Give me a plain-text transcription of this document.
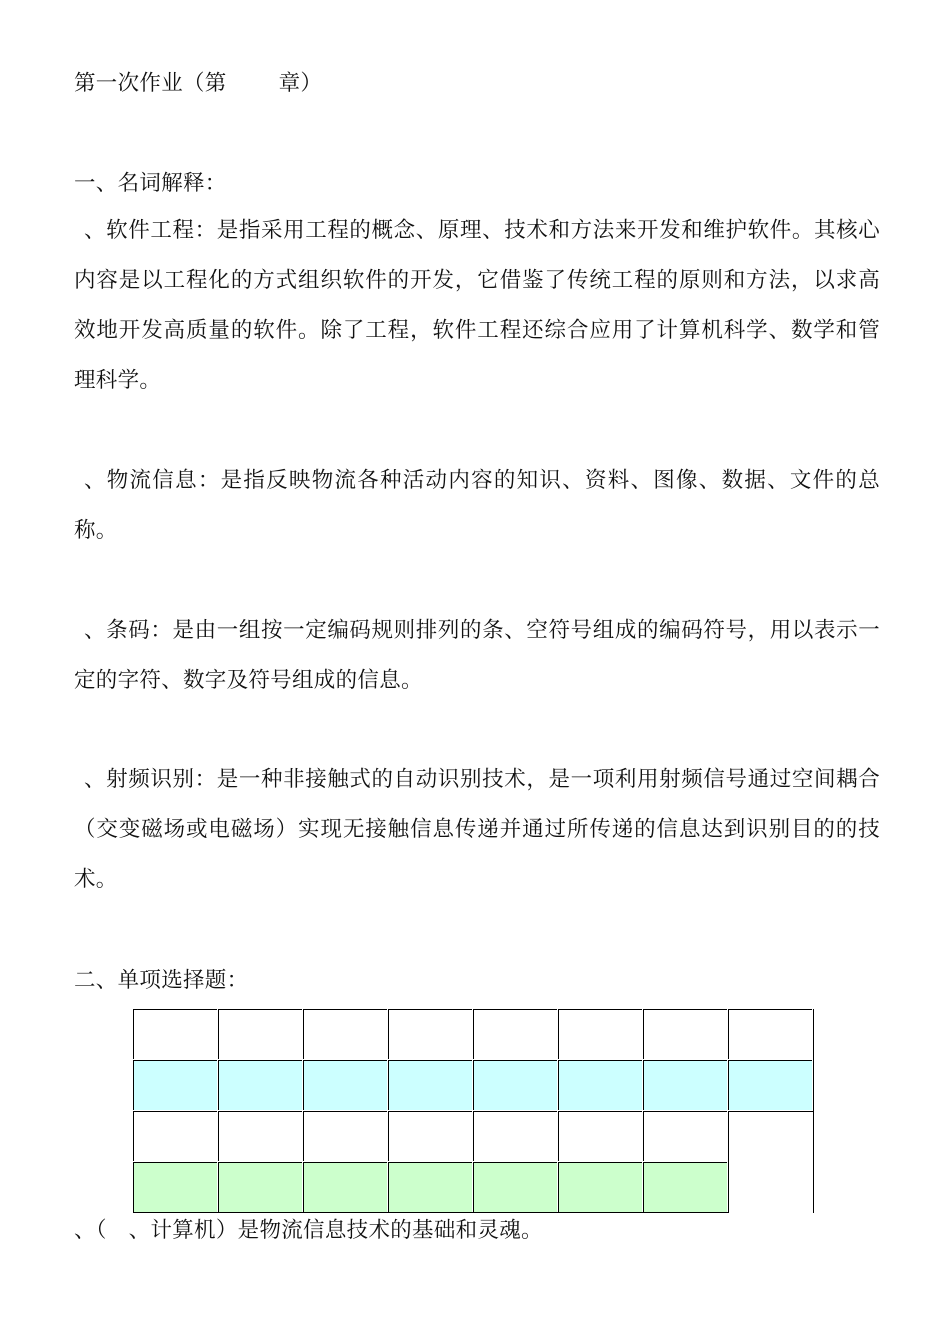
第一次作业（第 章）
一、名词解释：
、软件工程：是指采用工程的概念、原理、技术和方法来开发和维护软件。其核心内容是以工程化的方式组织软件的开发，它借鉴了传统工程的原则和方法，以求高效地开发高质量的软件。除了工程，软件工程还综合应用了计算机科学、数学和管理科学。
、物流信息：是指反映物流各种活动内容的知识、资料、图像、数据、文件的总称。
、条码：是由一组按一定编码规则排列的条、空符号组成的编码符号，用以表示一定的字符、数字及符号组成的信息。
、射频识别：是一种非接触式的自动识别技术，是一项利用射频信号通过空间耦合（交变磁场或电磁场）实现无接触信息传递并通过所传递的信息达到识别目的的技术。
二、单项选择题：
、（　、计算机）是物流信息技术的基础和灵魂。
